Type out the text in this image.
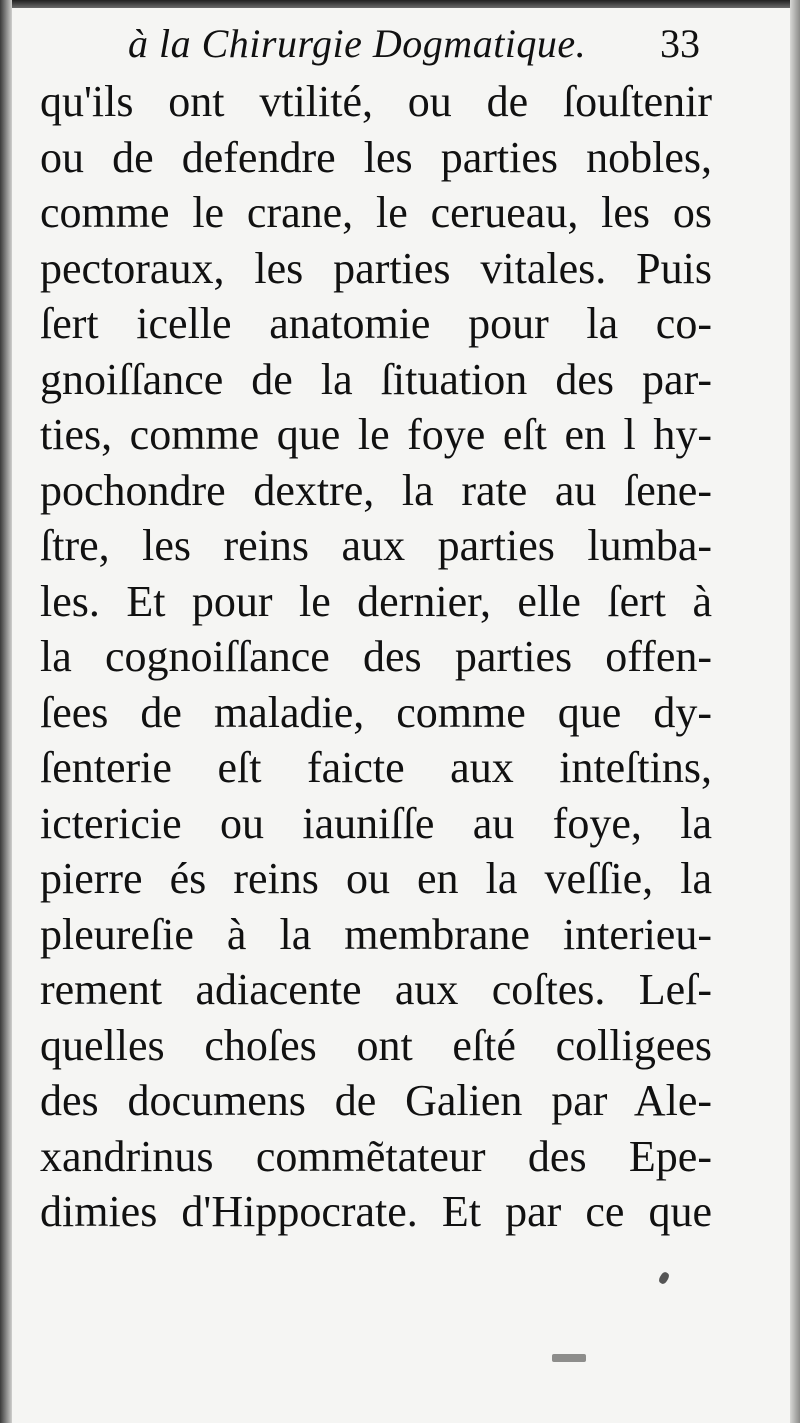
à la Chirurgie Dogmatique. 33
qu'ils ont vtilité, ou de ſouſtenir
ou de defendre les parties nobles,
comme le crane, le cerueau, les os
pectoraux, les parties vitales. Puis
ſert icelle anatomie pour la co-
gnoiſſance de la ſituation des par-
ties, comme que le foye eſt en l hy-
pochondre dextre, la rate au ſene-
ſtre, les reins aux parties lumba-
les. Et pour le dernier, elle ſert à
la cognoiſſance des parties offen-
ſees de maladie, comme que dy-
ſenterie eſt faicte aux inteſtins,
ictericie ou iauniſſe au foye, la
pierre és reins ou en la veſſie, la
pleureſie à la membrane interieu-
rement adiacente aux coſtes. Leſ-
quelles choſes ont eſté colligees
des documens de Galien par Ale-
xandrinus commẽtateur des Epe-
dimies d'Hippocrate. Et par ce que
